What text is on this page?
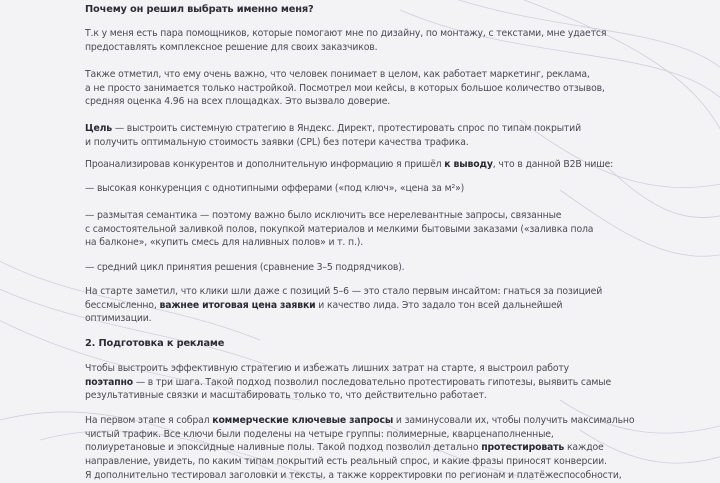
Почему он решил выбрать именно меня?

Т.к у меня есть пара помощников, которые помогают мне по дизайну, по монтажу, с текстами, мне удается
предоставлять комплексное решение для своих заказчиков.

Также отметил, что ему очень важно, что человек понимает в целом, как работает маркетинг, реклама,
а не просто занимается только настройкой. Посмотрел мои кейсы, в которых большое количество отзывов,
средняя оценка 4.96 на всех площадках. Это вызвало доверие.

Цель — выстроить системную стратегию в Яндекс. Директ, протестировать спрос по типам покрытий
и получить оптимальную стоимость заявки (CPL) без потери качества трафика.

Проанализировав конкурентов и дополнительную информацию я пришёл к выводу, что в данной B2B нише:

— высокая конкуренция с однотипными офферами («под ключ», «цена за м²»)

— размытая семантика — поэтому важно было исключить все нерелевантные запросы, связанные
с самостоятельной заливкой полов, покупкой материалов и мелкими бытовыми заказами («заливка пола
на балконе», «купить смесь для наливных полов» и т. п.).

— средний цикл принятия решения (сравнение 3–5 подрядчиков).

На старте заметил, что клики шли даже с позиций 5–6 — это стало первым инсайтом: гнаться за позицией
бессмысленно, важнее итоговая цена заявки и качество лида. Это задало тон всей дальнейшей
оптимизации.

2. Подготовка к рекламе

Чтобы выстроить эффективную стратегию и избежать лишних затрат на старте, я выстроил работу
поэтапно — в три шага. Такой подход позволил последовательно протестировать гипотезы, выявить самые
результативные связки и масштабировать только то, что действительно работает.

На первом этапе я собрал коммерческие ключевые запросы и заминусовали их, чтобы получить максимально
чистый трафик. Все ключи были поделены на четыре группы: полимерные, кварценаполненные,
полиуретановые и эпоксидные наливные полы. Такой подход позволил детально протестировать каждое
направление, увидеть, по каким типам покрытий есть реальный спрос, и какие фразы приносят конверсии.
Я дополнительно тестировал заголовки и тексты, а также корректировки по регионам и платёжеспособности,
